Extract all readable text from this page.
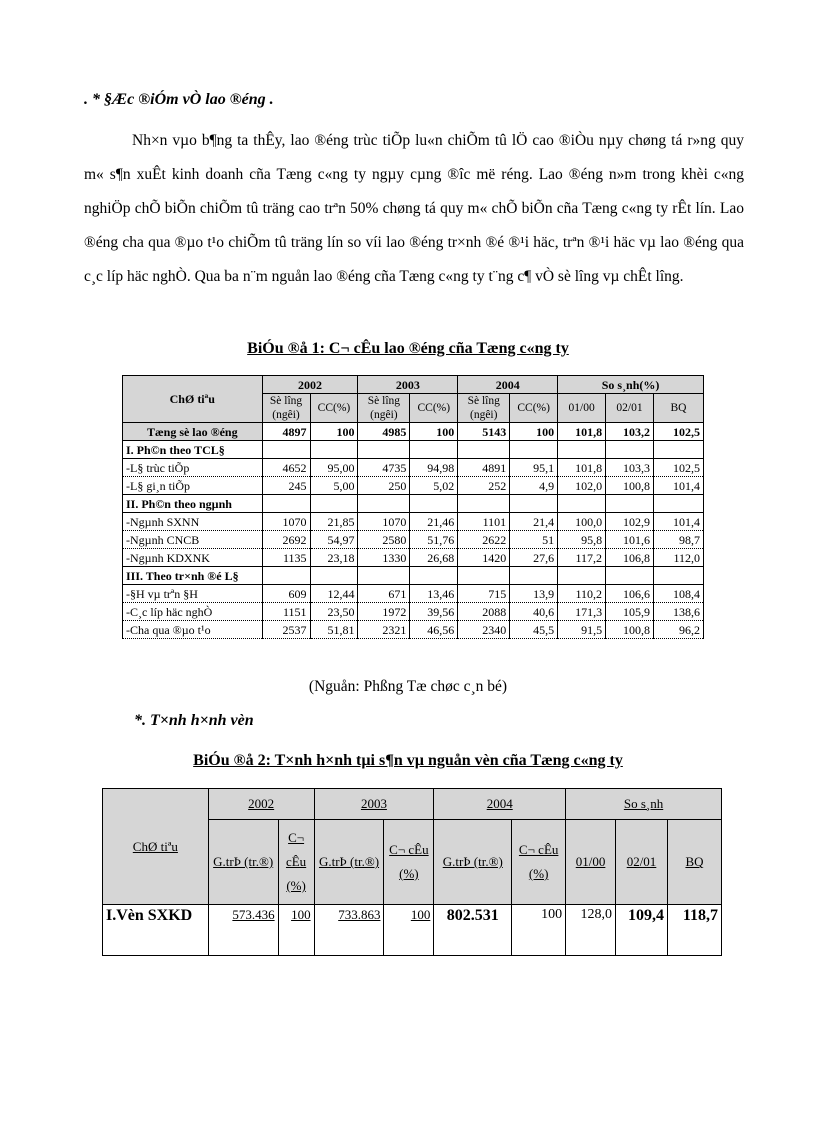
. * §Æc ®iÓm vÒ lao ®éng .

Nh×n vµo b¶ng ta thÊy, lao ®éng trùc tiÕp lu«n chiÕm tû lÖ cao ®iÒu nµy chøng tá r»ng quy m« s¶n xuÊt kinh doanh cña Tæng c«ng ty ngµy cµng ®îc më réng. Lao ®éng n»m trong khèi c«ng nghiÖp chÕ biÕn chiÕm tû träng cao trªn 50% chøng tá quy m« chÕ biÕn cña Tæng c«ng ty rÊt lín. Lao ®éng cha qua ®µo t¹o chiÕm tû träng lín so víi lao ®éng tr×nh ®é ®¹i häc, trªn ®¹i häc vµ lao ®éng qua c¸c líp häc nghÒ. Qua ba n¨m nguån lao ®éng cña Tæng c«ng ty t¨ng c¶ vÒ sè lîng vµ chÊt lîng.

BiÓu ®å 1: C¬ cÊu lao ®éng cña Tæng c«ng ty
ChØ tiªu	2002		2003		2004		So s¸nh(%)		
	Sè lîng (ngêi)	CC(%)	Sè lîng (ngêi)	CC(%)	Sè lîng (ngêi)	CC(%)	01/00	02/01	BQ
Tæng sè lao ®éng	4897	100	4985	100	5143	100	101,8	103,2	102,5
I. Ph©n theo TCL§									
-L§ trùc tiÕp	4652	95,00	4735	94,98	4891	95,1	101,8	103,3	102,5
-L§ gi¸n tiÕp	245	5,00	250	5,02	252	4,9	102,0	100,8	101,4
II. Ph©n theo ngµnh									
-Ngµnh SXNN	1070	21,85	1070	21,46	1101	21,4	100,0	102,9	101,4
-Ngµnh CNCB	2692	54,97	2580	51,76	2622	51	95,8	101,6	98,7
-Ngµnh KDXNK	1135	23,18	1330	26,68	1420	27,6	117,2	106,8	112,0
III. Theo tr×nh ®é L§									
-§H vµ trªn §H	609	12,44	671	13,46	715	13,9	110,2	106,6	108,4
-C¸c líp häc nghÒ	1151	23,50	1972	39,56	2088	40,6	171,3	105,9	138,6
-Cha qua ®µo t¹o	2537	51,81	2321	46,56	2340	45,5	91,5	100,8	96,2
(Nguån: Phßng Tæ chøc c¸n bé)
*. T×nh h×nh vèn
BiÓu ®å 2: T×nh h×nh tµi s¶n vµ nguån vèn cña Tæng c«ng ty
ChØ tiªu	2002		2003		2004		So s¸nh		
	G.trÞ (tr.®)	C¬ cÊu (%)	G.trÞ (tr.®)	C¬ cÊu (%)	G.trÞ (tr.®)	C¬ cÊu (%)	01/00	02/01	BQ
I.Vèn SXKD	573.436	100	733.863	100	802.531	100	128,0	109,4	118,7
